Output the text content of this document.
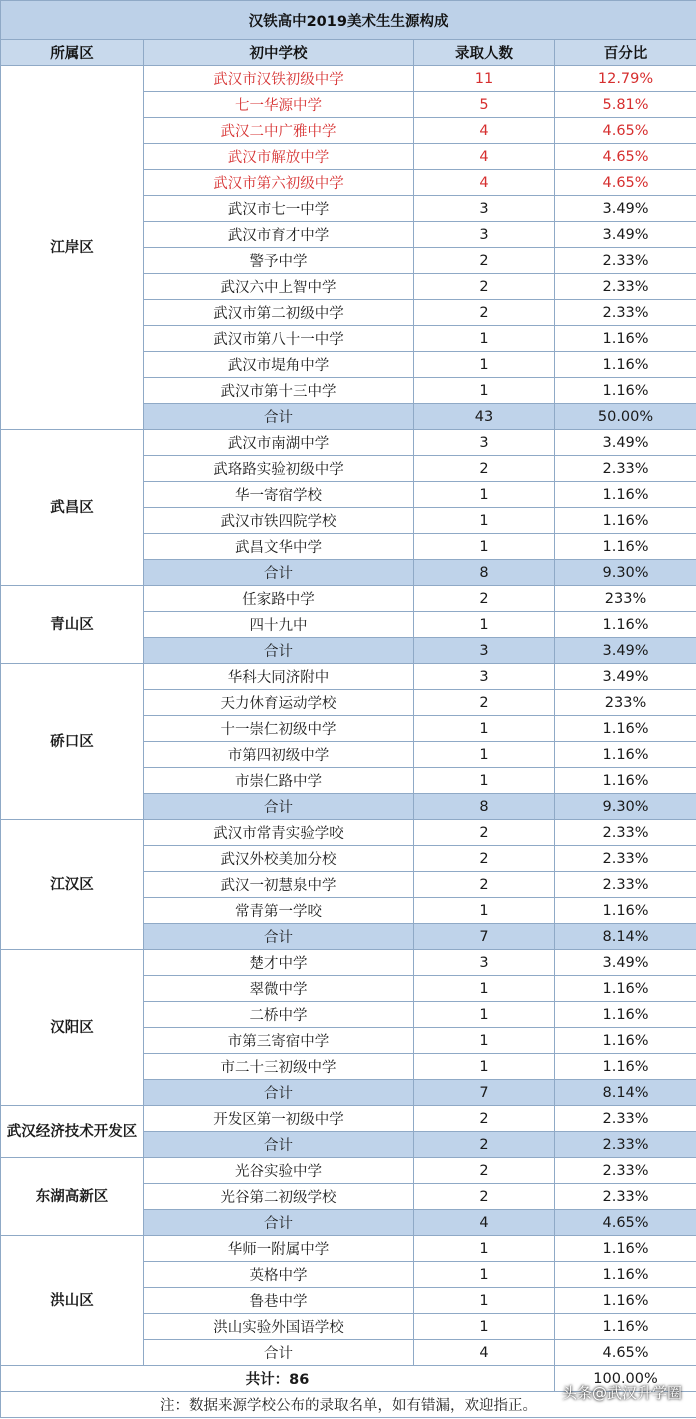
汉铁高中2019美术生生源构成			
所属区	初中学校	录取人数	百分比
江岸区	武汉市汉铁初级中学	11	12.79%
	七一华源中学	5	5.81%
	武汉二中广雅中学	4	4.65%
	武汉市解放中学	4	4.65%
	武汉市第六初级中学	4	4.65%
	武汉市七一中学	3	3.49%
	武汉市育才中学	3	3.49%
	警予中学	2	2.33%
	武汉六中上智中学	2	2.33%
	武汉市第二初级中学	2	2.33%
	武汉市第八十一中学	1	1.16%
	武汉市堤角中学	1	1.16%
	武汉市第十三中学	1	1.16%
	合计	43	50.00%
武昌区	武汉市南湖中学	3	3.49%
	武珞路实验初级中学	2	2.33%
	华一寄宿学校	1	1.16%
	武汉市铁四院学校	1	1.16%
	武昌文华中学	1	1.16%
	合计	8	9.30%
青山区	任家路中学	2	233%
	四十九中	1	1.16%
	合计	3	3.49%
硚口区	华科大同济附中	3	3.49%
	天力休育运动学校	2	233%
	十一崇仁初级中学	1	1.16%
	市第四初级中学	1	1.16%
	市崇仁路中学	1	1.16%
	合计	8	9.30%
江汉区	武汉市常青实验学咬	2	2.33%
	武汉外校美加分校	2	2.33%
	武汉一初慧泉中学	2	2.33%
	常青第一学咬	1	1.16%
	合计	7	8.14%
汉阳区	楚才中学	3	3.49%
	翠微中学	1	1.16%
	二桥中学	1	1.16%
	市第三寄宿中学	1	1.16%
	市二十三初级中学	1	1.16%
	合计	7	8.14%
武汉经济技术开发区	开发区第一初级中学	2	2.33%
	合计	2	2.33%
东湖高新区	光谷实验中学	2	2.33%
	光谷第二初级学校	2	2.33%
	合计	4	4.65%
洪山区	华师一附属中学	1	1.16%
	英格中学	1	1.16%
	鲁巷中学	1	1.16%
	洪山实验外国语学校	1	1.16%
	合计	4	4.65%
共计：86			100.00%
注：数据来源学校公布的录取名单，如有错漏，欢迎指正。			
头条@武汉升学圈
